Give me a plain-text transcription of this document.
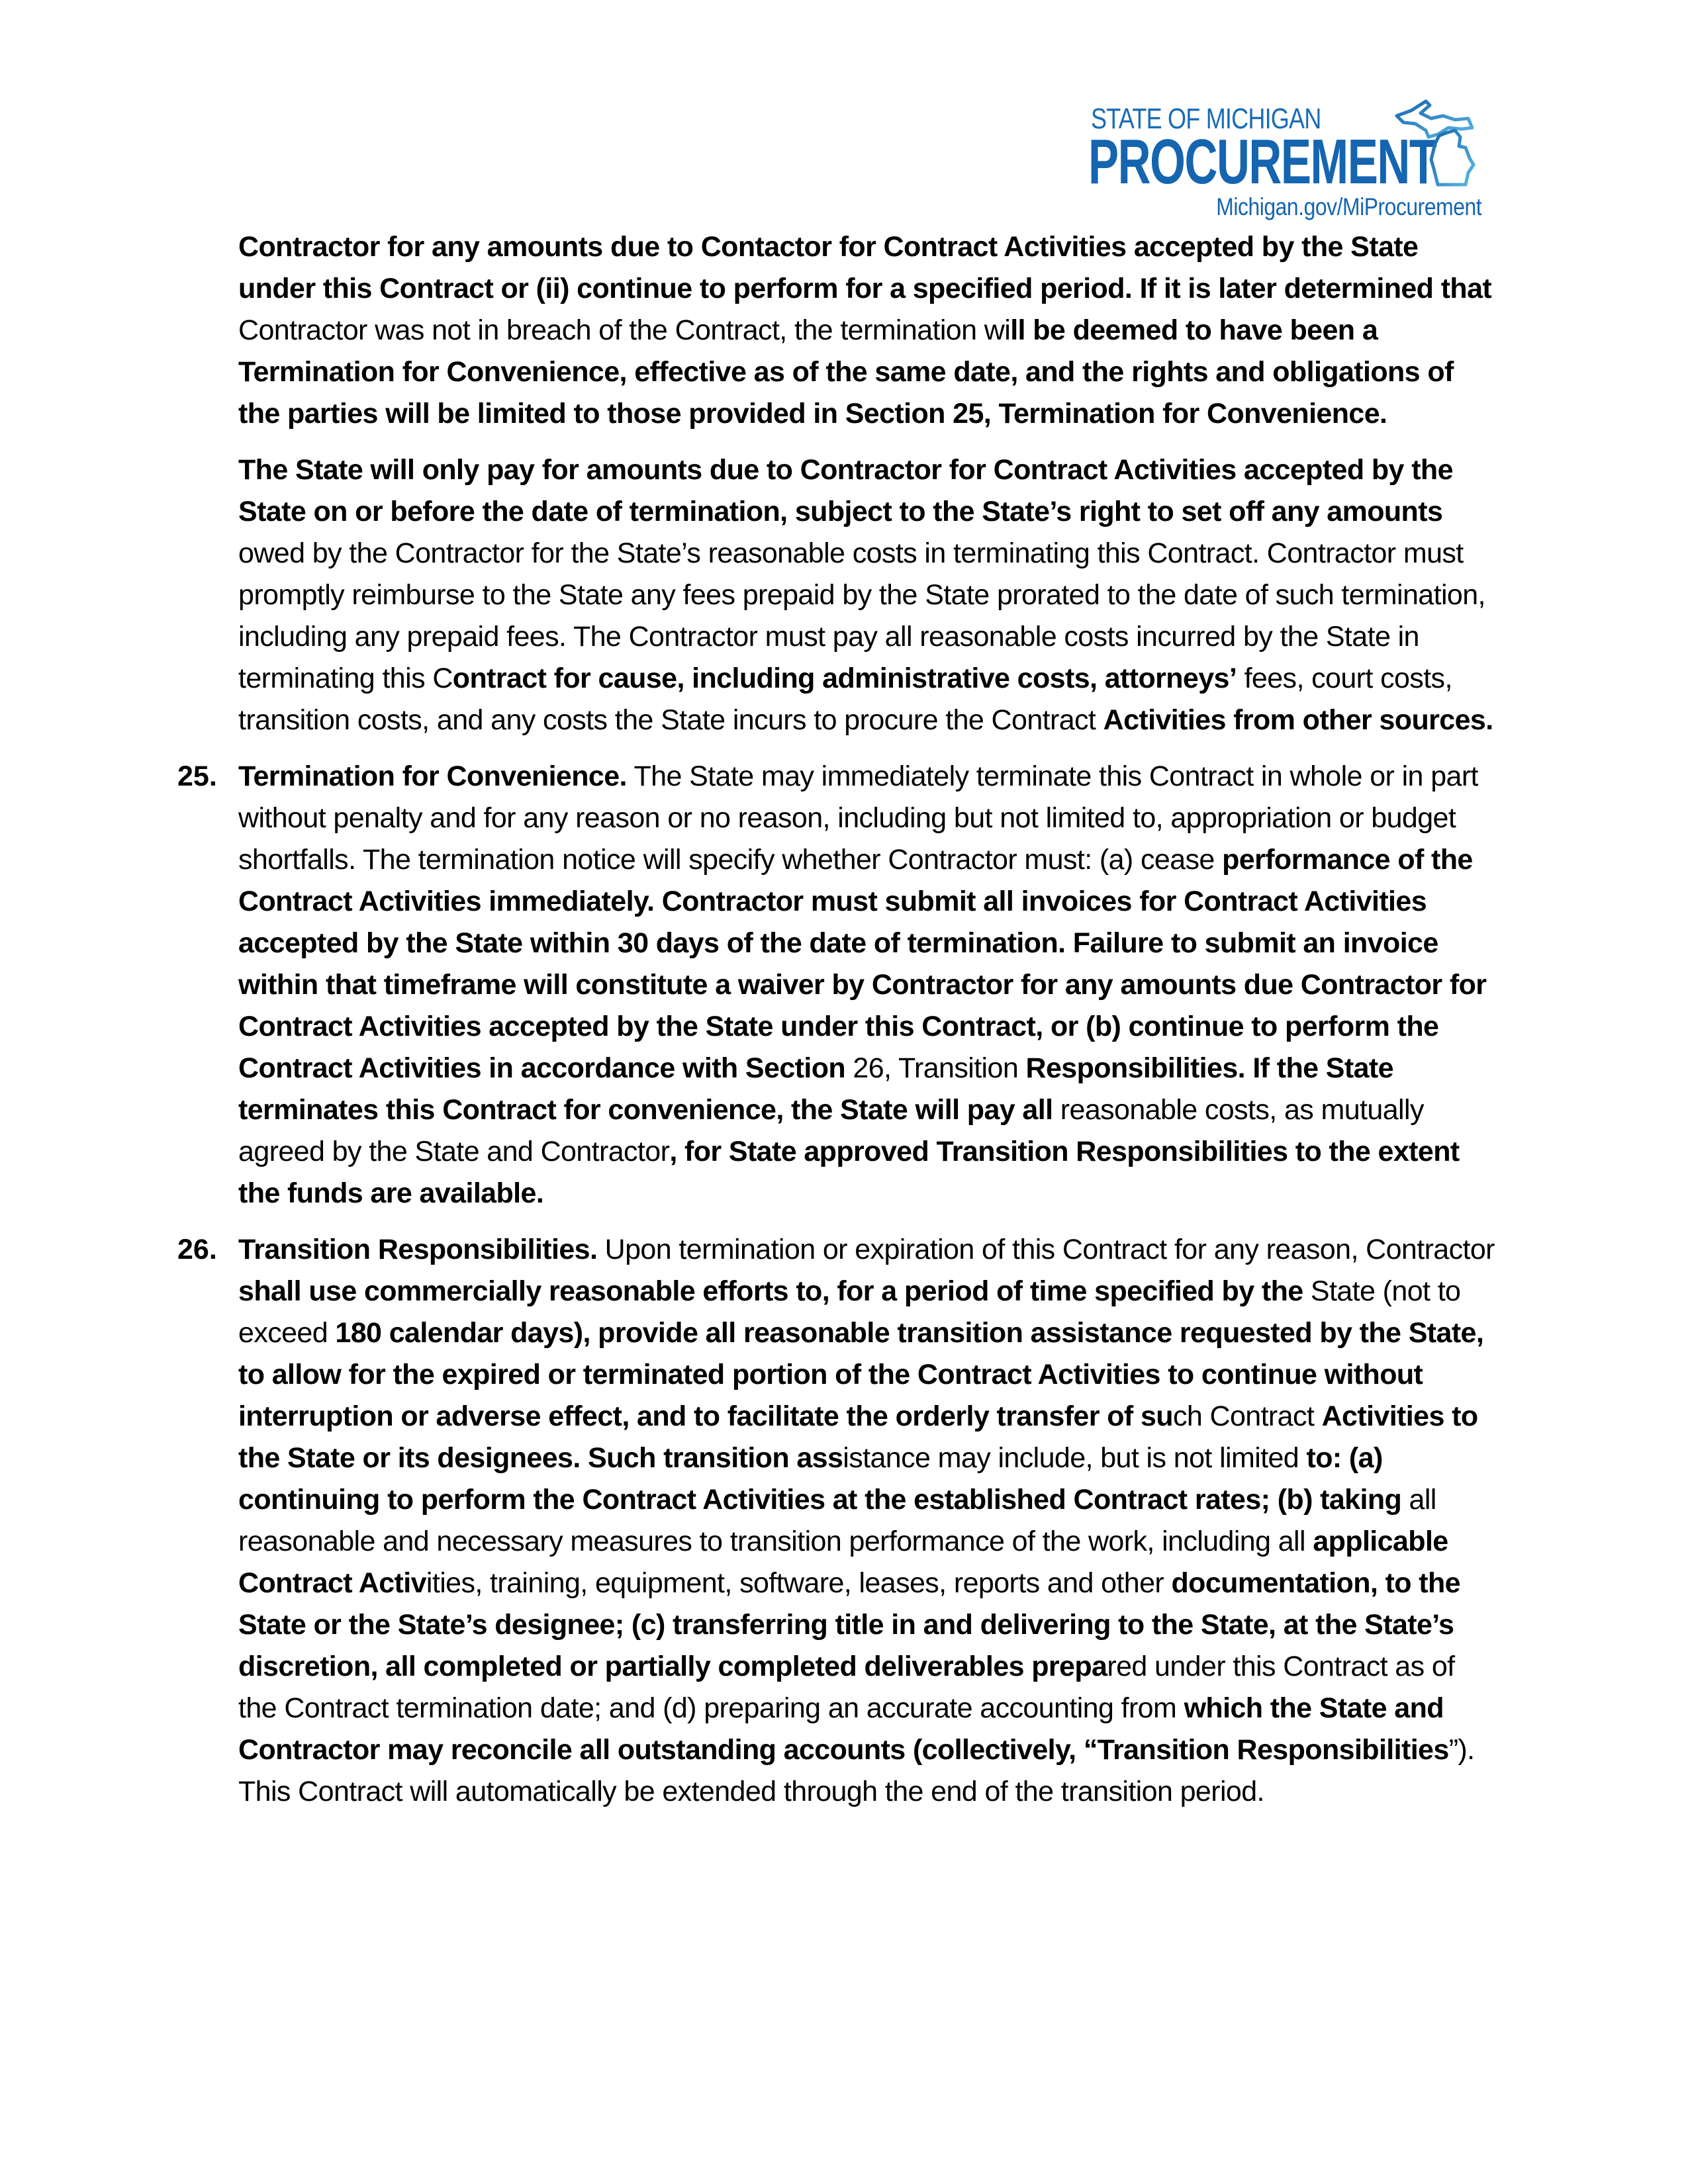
STATE OF MICHIGAN
PROCUREMENT
Michigan.gov/MiProcurement

Contractor for any amounts due to Contactor for Contract Activities accepted by the State under this Contract or (ii) continue to perform for a specified period. If it is later determined that Contractor was not in breach of the Contract, the termination will be deemed to have been a Termination for Convenience, effective as of the same date, and the rights and obligations of the parties will be limited to those provided in Section 25, Termination for Convenience.

The State will only pay for amounts due to Contractor for Contract Activities accepted by the State on or before the date of termination, subject to the State’s right to set off any amounts owed by the Contractor for the State’s reasonable costs in terminating this Contract. Contractor must promptly reimburse to the State any fees prepaid by the State prorated to the date of such termination, including any prepaid fees. The Contractor must pay all reasonable costs incurred by the State in terminating this Contract for cause, including administrative costs, attorneys’ fees, court costs, transition costs, and any costs the State incurs to procure the Contract Activities from other sources.

25. Termination for Convenience. The State may immediately terminate this Contract in whole or in part without penalty and for any reason or no reason, including but not limited to, appropriation or budget shortfalls. The termination notice will specify whether Contractor must: (a) cease performance of the Contract Activities immediately. Contractor must submit all invoices for Contract Activities accepted by the State within 30 days of the date of termination. Failure to submit an invoice within that timeframe will constitute a waiver by Contractor for any amounts due Contractor for Contract Activities accepted by the State under this Contract, or (b) continue to perform the Contract Activities in accordance with Section 26, Transition Responsibilities. If the State terminates this Contract for convenience, the State will pay all reasonable costs, as mutually agreed by the State and Contractor, for State approved Transition Responsibilities to the extent the funds are available.

26. Transition Responsibilities. Upon termination or expiration of this Contract for any reason, Contractor shall use commercially reasonable efforts to, for a period of time specified by the State (not to exceed 180 calendar days), provide all reasonable transition assistance requested by the State, to allow for the expired or terminated portion of the Contract Activities to continue without interruption or adverse effect, and to facilitate the orderly transfer of such Contract Activities to the State or its designees. Such transition assistance may include, but is not limited to: (a) continuing to perform the Contract Activities at the established Contract rates; (b) taking all reasonable and necessary measures to transition performance of the work, including all applicable Contract Activities, training, equipment, software, leases, reports and other documentation, to the State or the State’s designee; (c) transferring title in and delivering to the State, at the State’s discretion, all completed or partially completed deliverables prepared under this Contract as of the Contract termination date; and (d) preparing an accurate accounting from which the State and Contractor may reconcile all outstanding accounts (collectively, “Transition Responsibilities”). This Contract will automatically be extended through the end of the transition period.
